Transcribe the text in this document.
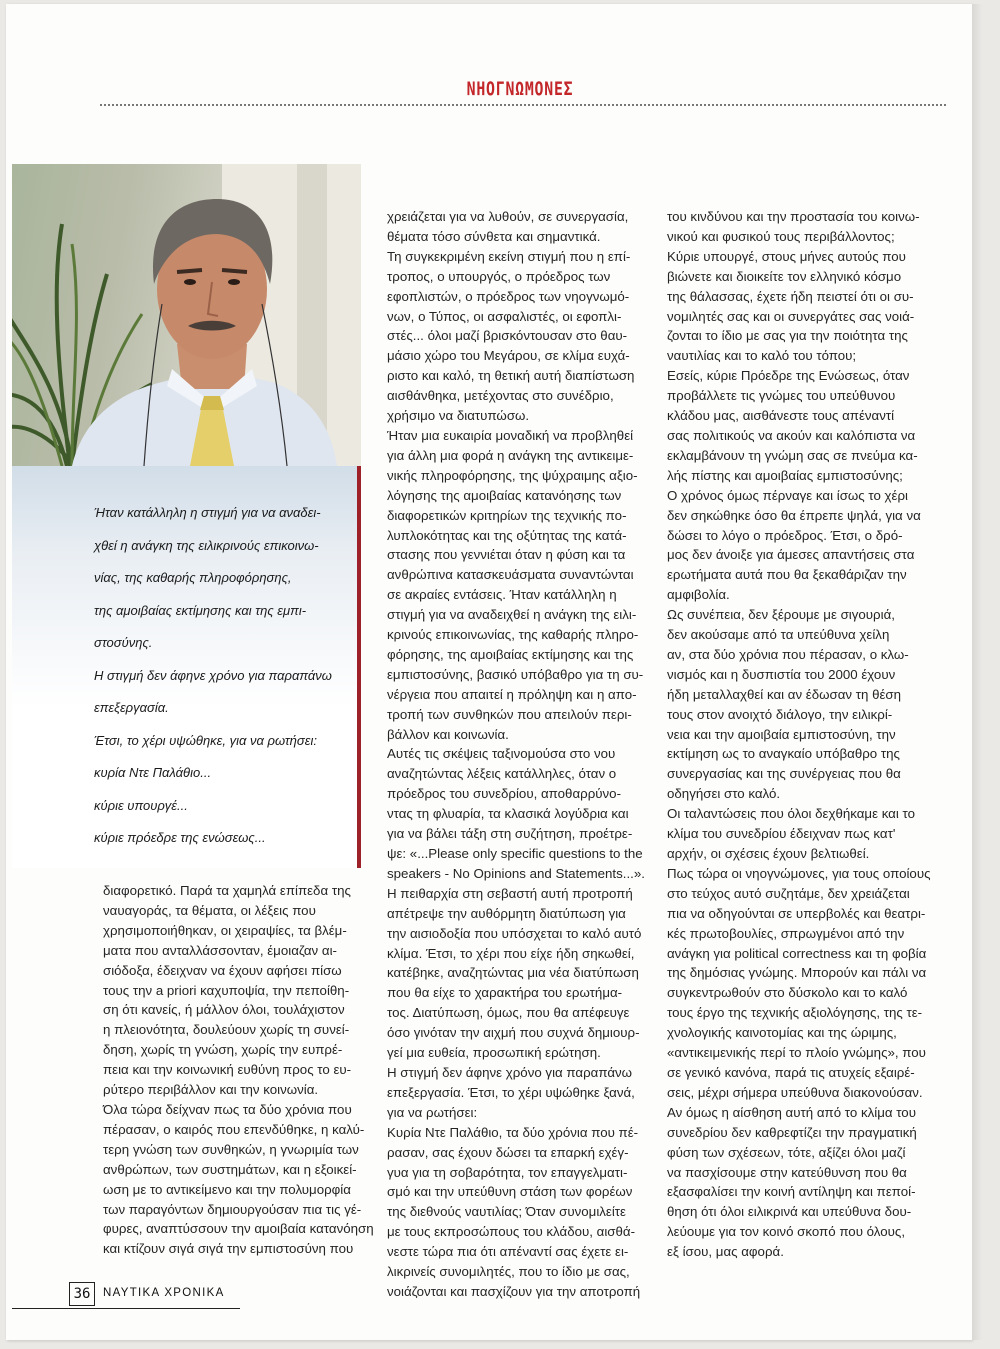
ΝΗΟΓΝΩΜΟΝΕΣ
Ήταν κατάλληλη η στιγμή για να αναδει-
χθεί η ανάγκη της ειλικρινούς επικοινω-
νίας, της καθαρής πληροφόρησης,
της αμοιβαίας εκτίμησης και της εμπι-
στοσύνης.
Η στιγμή δεν άφηνε χρόνο για παραπάνω
επεξεργασία.
Έτσι, το χέρι υψώθηκε, για να ρωτήσει:
κυρία Ντε Παλάθιο...
κύριε υπουργέ...
κύριε πρόεδρε της ενώσεως...

διαφορετικό. Παρά τα χαμηλά επίπεδα της

ναυαγοράς, τα θέματα, οι λέξεις που

χρησιμοποιήθηκαν, οι χειραψίες, τα βλέμ-

ματα που ανταλλάσσονταν, έμοιαζαν αι-

σιόδοξα, έδειχναν να έχουν αφήσει πίσω

τους την a priori καχυποψία, την πεποίθη-

ση ότι κανείς, ή μάλλον όλοι, τουλάχιστον

η πλειονότητα, δουλεύουν χωρίς τη συνεί-

δηση, χωρίς τη γνώση, χωρίς την ευπρέ-

πεια και την κοινωνική ευθύνη προς το ευ-

ρύτερο περιβάλλον και την κοινωνία.

Όλα τώρα δείχναν πως τα δύο χρόνια που

πέρασαν, ο καιρός που επενδύθηκε, η καλύ-

τερη γνώση των συνθηκών, η γνωριμία των

ανθρώπων, των συστημάτων, και η εξοικεί-

ωση με το αντικείμενο και την πολυμορφία

των παραγόντων δημιουργούσαν πια τις γέ-

φυρες, αναπτύσσουν την αμοιβαία κατανόηση

και κτίζουν σιγά σιγά την εμπιστοσύνη που

χρειάζεται για να λυθούν, σε συνεργασία,

θέματα τόσο σύνθετα και σημαντικά.

Τη συγκεκριμένη εκείνη στιγμή που η επί-

τροπος, ο υπουργός, ο πρόεδρος των

εφοπλιστών, ο πρόεδρος των νηογνωμό-

νων, ο Τύπος, οι ασφαλιστές, οι εφοπλι-

στές... όλοι μαζί βρισκόντουσαν στο θαυ-

μάσιο χώρο του Μεγάρου, σε κλίμα ευχά-

ριστο και καλό, τη θετική αυτή διαπίστωση

αισθάνθηκα, μετέχοντας στο συνέδριο,

χρήσιμο να διατυπώσω.

Ήταν μια ευκαιρία μοναδική να προβληθεί

για άλλη μια φορά η ανάγκη της αντικειμε-

νικής πληροφόρησης, της ψύχραιμης αξιο-

λόγησης της αμοιβαίας κατανόησης των

διαφορετικών κριτηρίων της τεχνικής πο-

λυπλοκότητας και της οξύτητας της κατά-

στασης που γεννιέται όταν η φύση και τα

ανθρώπινα κατασκευάσματα συναντώνται

σε ακραίες εντάσεις. Ήταν κατάλληλη η

στιγμή για να αναδειχθεί η ανάγκη της ειλι-

κρινούς επικοινωνίας, της καθαρής πληρο-

φόρησης, της αμοιβαίας εκτίμησης και της

εμπιστοσύνης, βασικό υπόβαθρο για τη συ-

νέργεια που απαιτεί η πρόληψη και η απο-

τροπή των συνθηκών που απειλούν περι-

βάλλον και κοινωνία.

Αυτές τις σκέψεις ταξινομούσα στο νου

αναζητώντας λέξεις κατάλληλες, όταν ο

πρόεδρος του συνεδρίου, αποθαρρύνο-

ντας τη φλυαρία, τα κλασικά λογύδρια και

για να βάλει τάξη στη συζήτηση, προέτρε-

ψε: «...Please only specific questions to the

speakers - No Opinions and Statements...».

Η πειθαρχία στη σεβαστή αυτή προτροπή

απέτρεψε την αυθόρμητη διατύπωση για

την αισιοδοξία που υπόσχεται το καλό αυτό

κλίμα. Έτσι, το χέρι που είχε ήδη σηκωθεί,

κατέβηκε, αναζητώντας μια νέα διατύπωση

που θα είχε το χαρακτήρα του ερωτήμα-

τος. Διατύπωση, όμως, που θα απέφευγε

όσο γινόταν την αιχμή που συχνά δημιουρ-

γεί μια ευθεία, προσωπική ερώτηση.

Η στιγμή δεν άφηνε χρόνο για παραπάνω

επεξεργασία. Έτσι, το χέρι υψώθηκε ξανά,

για να ρωτήσει:

Κυρία Ντε Παλάθιο, τα δύο χρόνια που πέ-

ρασαν, σας έχουν δώσει τα επαρκή εχέγ-

γυα για τη σοβαρότητα, τον επαγγελματι-

σμό και την υπεύθυνη στάση των φορέων

της διεθνούς ναυτιλίας; Όταν συνομιλείτε

με τους εκπροσώπους του κλάδου, αισθά-

νεστε τώρα πια ότι απέναντί σας έχετε ει-

λικρινείς συνομιλητές, που το ίδιο με σας,

νοιάζονται και πασχίζουν για την αποτροπή

του κινδύνου και την προστασία του κοινω-

νικού και φυσικού τους περιβάλλοντος;

Κύριε υπουργέ, στους μήνες αυτούς που

βιώνετε και διοικείτε τον ελληνικό κόσμο

της θάλασσας, έχετε ήδη πειστεί ότι οι συ-

νομιλητές σας και οι συνεργάτες σας νοιά-

ζονται το ίδιο με σας για την ποιότητα της

ναυτιλίας και το καλό του τόπου;

Εσείς, κύριε Πρόεδρε της Ενώσεως, όταν

προβάλλετε τις γνώμες του υπεύθυνου

κλάδου μας, αισθάνεστε τους απέναντί

σας πολιτικούς να ακούν και καλόπιστα να

εκλαμβάνουν τη γνώμη σας σε πνεύμα κα-

λής πίστης και αμοιβαίας εμπιστοσύνης;

Ο χρόνος όμως πέρναγε και ίσως το χέρι

δεν σηκώθηκε όσο θα έπρεπε ψηλά, για να

δώσει το λόγο ο πρόεδρος. Έτσι, ο δρό-

μος δεν άνοιξε για άμεσες απαντήσεις στα

ερωτήματα αυτά που θα ξεκαθάριζαν την

αμφιβολία.

Ως συνέπεια, δεν ξέρουμε με σιγουριά,

δεν ακούσαμε από τα υπεύθυνα χείλη

αν, στα δύο χρόνια που πέρασαν, ο κλω-

νισμός και η δυσπιστία του 2000 έχουν

ήδη μεταλλαχθεί και αν έδωσαν τη θέση

τους στον ανοιχτό διάλογο, την ειλικρί-

νεια και την αμοιβαία εμπιστοσύνη, την

εκτίμηση ως το αναγκαίο υπόβαθρο της

συνεργασίας και της συνέργειας που θα

οδηγήσει στο καλό.

Οι ταλαντώσεις που όλοι δεχθήκαμε και το

κλίμα του συνεδρίου έδειχναν πως κατ'

αρχήν, οι σχέσεις έχουν βελτιωθεί.

Πως τώρα οι νηογνώμονες, για τους οποίους

στο τεύχος αυτό συζητάμε, δεν χρειάζεται

πια να οδηγούνται σε υπερβολές και θεατρι-

κές πρωτοβουλίες, σπρωγμένοι από την

ανάγκη για political correctness και τη φοβία

της δημόσιας γνώμης. Μπορούν και πάλι να

συγκεντρωθούν στο δύσκολο και το καλό

τους έργο της τεχνικής αξιολόγησης, της τε-

χνολογικής καινοτομίας και της ώριμης,

«αντικειμενικής περί το πλοίο γνώμης», που

σε γενικό κανόνα, παρά τις ατυχείς εξαιρέ-

σεις, μέχρι σήμερα υπεύθυνα διακονούσαν.

Αν όμως η αίσθηση αυτή από το κλίμα του

συνεδρίου δεν καθρεφτίζει την πραγματική

φύση των σχέσεων, τότε, αξίζει όλοι μαζί

να πασχίσουμε στην κατεύθυνση που θα

εξασφαλίσει την κοινή αντίληψη και πεποί-

θηση ότι όλοι ειλικρινά και υπεύθυνα δου-

λεύουμε για τον κοινό σκοπό που όλους,

εξ ίσου, μας αφορά.

36	ΝΑΥΤΙΚΑ ΧΡΟΝΙΚΑ
